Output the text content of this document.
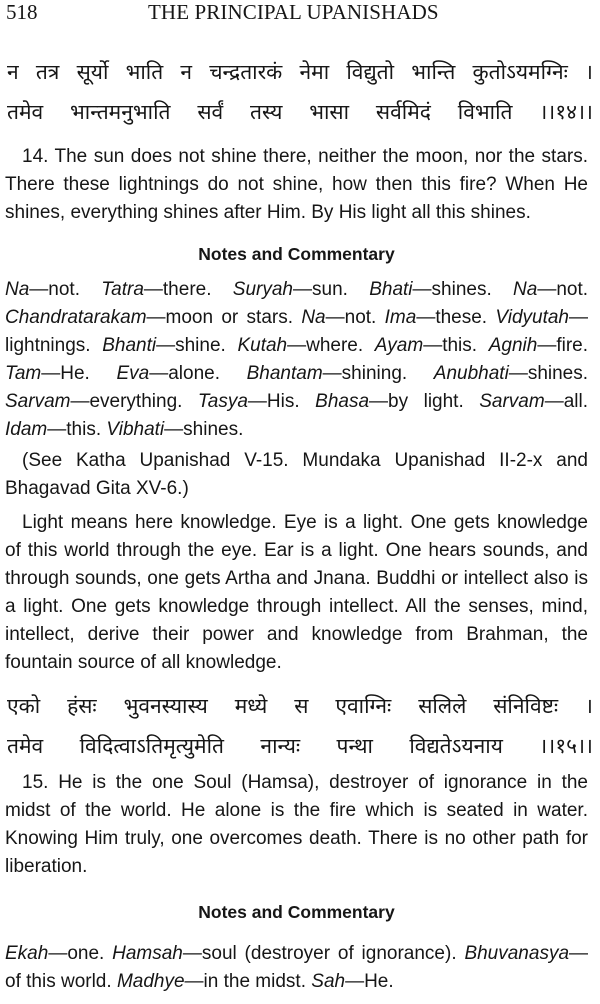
518	THE PRINCIPAL UPANISHADS
न तत्र सूर्यो भाति न चन्द्रतारकं नेमा विद्युतो भान्ति कुतोऽयमग्निः ।
तमेव भान्तमनुभाति सर्वं तस्य भासा सर्वमिदं विभाति ।।१४।।

14. The sun does not shine there, neither the moon, nor the stars. There these lightnings do not shine, how then this fire? When He shines, everything shines after Him. By His light all this shines.

Notes and Commentary

Na—not. Tatra—there. Suryah—sun. Bhati—shines. Na—not. Chandratarakam—moon or stars. Na—not. Ima—these. Vidyutah—lightnings. Bhanti—shine. Kutah—where. Ayam—this. Agnih—fire. Tam—He. Eva—alone. Bhantam—shining. Anubhati—shines. Sarvam—everything. Tasya—His. Bhasa—by light. Sarvam—all. Idam—this. Vibhati—shines.

(See Katha Upanishad V-15. Mundaka Upanishad II-2-x and Bhagavad Gita XV-6.)

Light means here knowledge. Eye is a light. One gets knowledge of this world through the eye. Ear is a light. One hears sounds, and through sounds, one gets Artha and Jnana. Buddhi or intellect also is a light. One gets knowledge through intellect. All the senses, mind, intellect, derive their power and knowledge from Brahman, the fountain source of all knowledge.

एको हंसः भुवनस्यास्य मध्ये स एवाग्निः सलिले संनिविष्टः ।
तमेव विदित्वाऽतिमृत्युमेति नान्यः पन्था विद्यतेऽयनाय ।।१५।।

15. He is the one Soul (Hamsa), destroyer of ignorance in the midst of the world. He alone is the fire which is seated in water. Knowing Him truly, one overcomes death. There is no other path for liberation.

Notes and Commentary

Ekah—one. Hamsah—soul (destroyer of ignorance). Bhuvanasya—of this world. Madhye—in the midst. Sah—He.
